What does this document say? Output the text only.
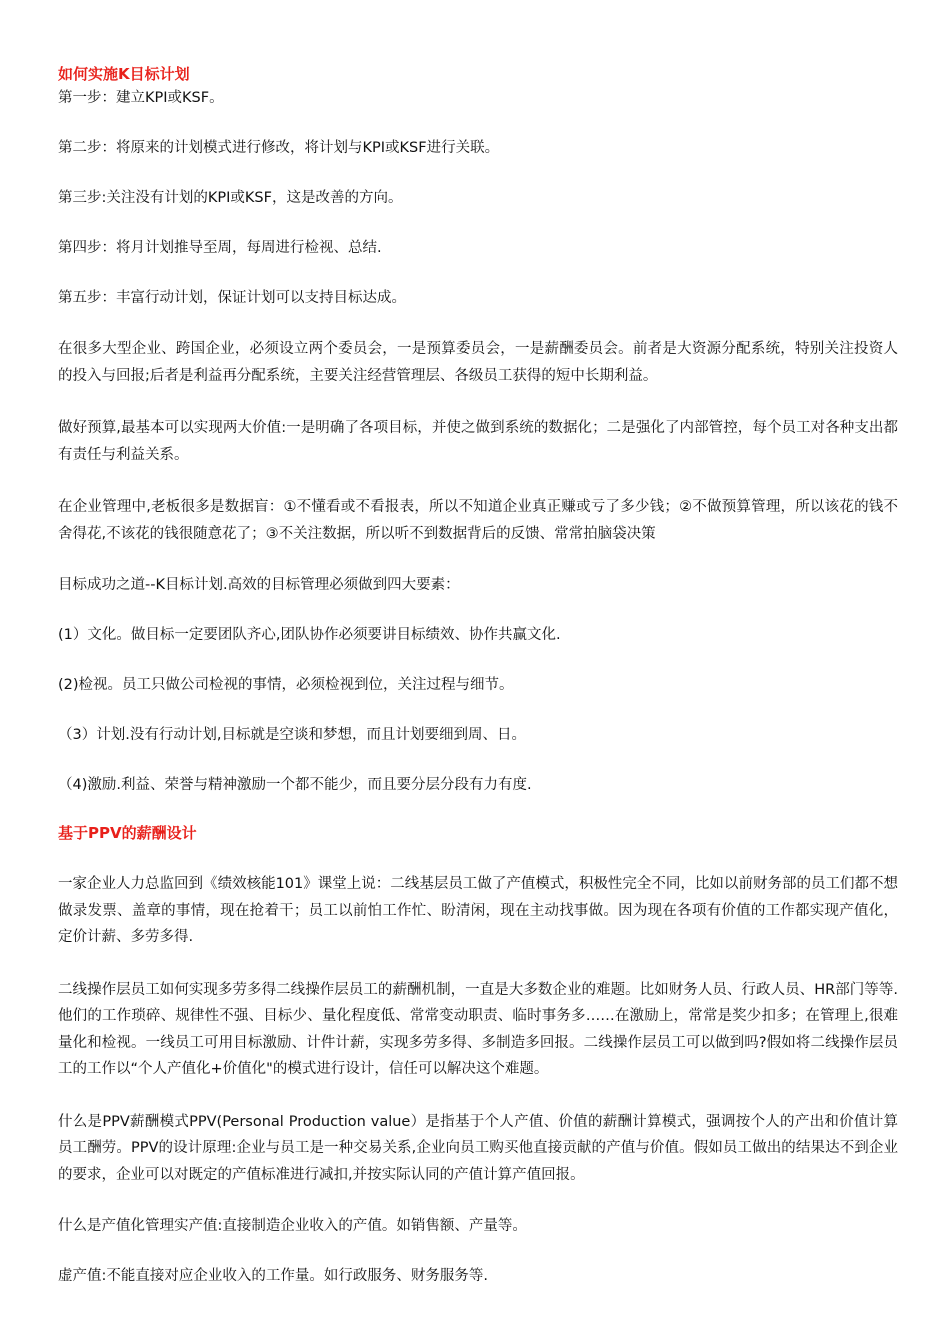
如何实施K目标计划

第一步：建立KPI或KSF。

第二步：将原来的计划模式进行修改，将计划与KPI或KSF进行关联。

第三步:关注没有计划的KPI或KSF，这是改善的方向。

第四步：将月计划推导至周，每周进行检视、总结.

第五步：丰富行动计划，保证计划可以支持目标达成。

在很多大型企业、跨国企业，必须设立两个委员会，一是预算委员会，一是薪酬委员会。前者是大资源分配系统，特别关注投资人的投入与回报;后者是利益再分配系统，主要关注经营管理层、各级员工获得的短中长期利益。

做好预算,最基本可以实现两大价值:一是明确了各项目标，并使之做到系统的数据化；二是强化了内部管控，每个员工对各种支出都有责任与利益关系。

在企业管理中,老板很多是数据盲：①不懂看或不看报表，所以不知道企业真正赚或亏了多少钱；②不做预算管理，所以该花的钱不舍得花,不该花的钱很随意花了；③不关注数据，所以听不到数据背后的反馈、常常拍脑袋决策

目标成功之道--K目标计划.高效的目标管理必须做到四大要素：

(1）文化。做目标一定要团队齐心,团队协作必须要讲目标绩效、协作共赢文化.

(2)检视。员工只做公司检视的事情，必须检视到位，关注过程与细节。

（3）计划.没有行动计划,目标就是空谈和梦想，而且计划要细到周、日。

（4)激励.利益、荣誉与精神激励一个都不能少，而且要分层分段有力有度.

基于PPV的薪酬设计

一家企业人力总监回到《绩效核能101》课堂上说：二线基层员工做了产值模式，积极性完全不同，比如以前财务部的员工们都不想做录发票、盖章的事情，现在抢着干；员工以前怕工作忙、盼清闲，现在主动找事做。因为现在各项有价值的工作都实现产值化，定价计薪、多劳多得.

二线操作层员工如何实现多劳多得二线操作层员工的薪酬机制，一直是大多数企业的难题。比如财务人员、行政人员、HR部门等等.他们的工作琐碎、规律性不强、目标少、量化程度低、常常变动职责、临时事务多……在激励上，常常是奖少扣多；在管理上,很难量化和检视。一线员工可用目标激励、计件计薪，实现多劳多得、多制造多回报。二线操作层员工可以做到吗?假如将二线操作层员工的工作以“个人产值化+价值化"的模式进行设计，信任可以解决这个难题。

什么是PPV薪酬模式PPV(Personal Production value）是指基于个人产值、价值的薪酬计算模式，强调按个人的产出和价值计算员工酬劳。PPV的设计原理:企业与员工是一种交易关系,企业向员工购买他直接贡献的产值与价值。假如员工做出的结果达不到企业的要求，企业可以对既定的产值标准进行减扣,并按实际认同的产值计算产值回报。

什么是产值化管理实产值:直接制造企业收入的产值。如销售额、产量等。

虚产值:不能直接对应企业收入的工作量。如行政服务、财务服务等.
